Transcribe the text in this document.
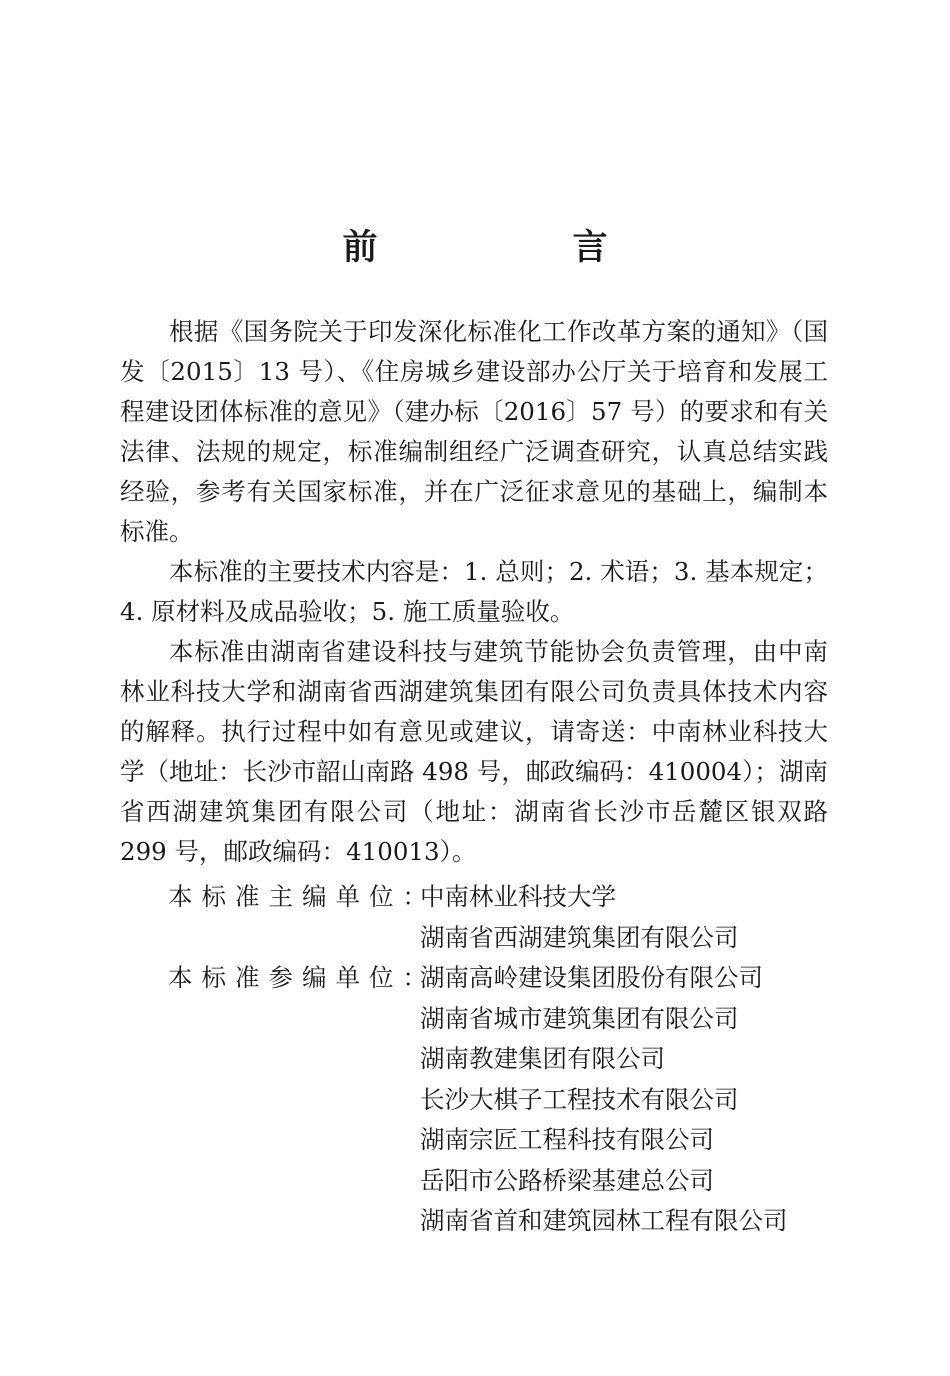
前　言

根据《国务院关于印发深化标准化工作改革方案的通知》（国发〔2015〕13 号）、《住房城乡建设部办公厅关于培育和发展工程建设团体标准的意见》（建办标〔2016〕57 号）的要求和有关法律、法规的规定，标准编制组经广泛调查研究，认真总结实践经验，参考有关国家标准，并在广泛征求意见的基础上，编制本标准。

本标准的主要技术内容是：1. 总则；2. 术语；3. 基本规定；4. 原材料及成品验收；5. 施工质量验收。

本标准由湖南省建设科技与建筑节能协会负责管理，由中南林业科技大学和湖南省西湖建筑集团有限公司负责具体技术内容的解释。执行过程中如有意见或建议，请寄送：中南林业科技大学（地址：长沙市韶山南路 498 号，邮政编码：410004）；湖南省西湖建筑集团有限公司（地址：湖南省长沙市岳麓区银双路 299 号，邮政编码：410013）。

本标准主编单位：
中南林业科技大学
湖南省西湖建筑集团有限公司
本标准参编单位：
湖南高岭建设集团股份有限公司
湖南省城市建筑集团有限公司
湖南教建集团有限公司
长沙大棋子工程技术有限公司
湖南宗匠工程科技有限公司
岳阳市公路桥梁基建总公司
湖南省首和建筑园林工程有限公司
